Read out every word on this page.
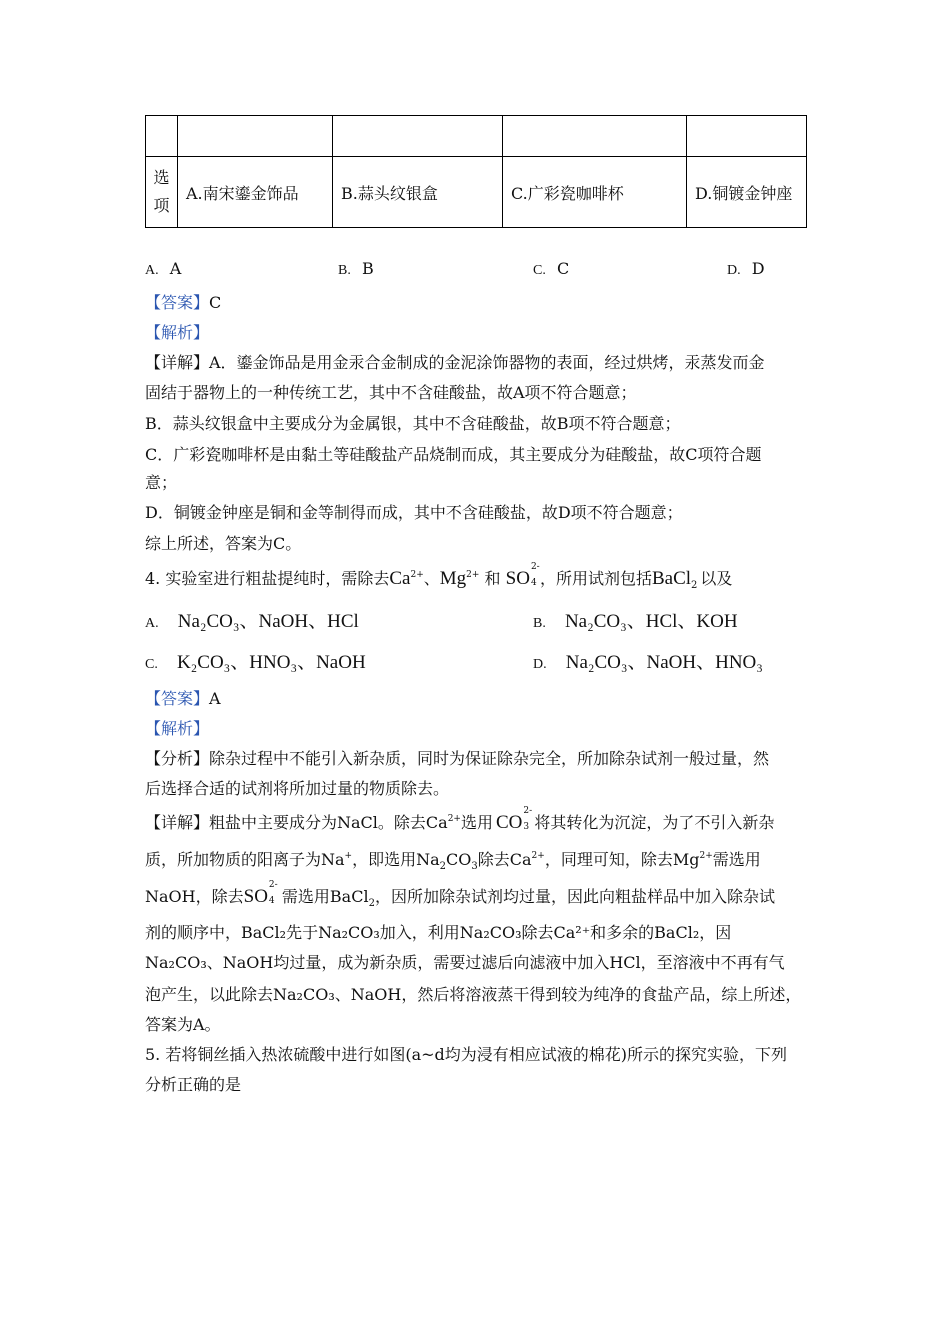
选
项	A.南宋鎏金饰品	B.蒜头纹银盒	C.广彩瓷咖啡杯	D.铜镀金钟座
A. A	B. B	C. C	D. D
【答案】C
【解析】
【详解】A．鎏金饰品是用金汞合金制成的金泥涂饰器物的表面，经过烘烤，汞蒸发而金
固结于器物上的一种传统工艺，其中不含硅酸盐，故A项不符合题意；
B．蒜头纹银盒中主要成分为金属银，其中不含硅酸盐，故B项不符合题意；
C．广彩瓷咖啡杯是由黏土等硅酸盐产品烧制而成，其主要成分为硅酸盐，故C项符合题
意；
D．铜镀金钟座是铜和金等制得而成，其中不含硅酸盐，故D项不符合题意；
综上所述，答案为C。
4. 实验室进行粗盐提纯时，需除去$Ca^{2+}$、$Mg^{2+}$ 和 SO
2-
4 ，所用试剂包括BaCl$_2$ 以及
A. Na₂CO₃、NaOH、HCl	B. Na₂CO₃、HCl、KOH
C. K₂CO₃、HNO₃、NaOH	D. Na₂CO₃、NaOH、HNO₃
【答案】A
【解析】
【分析】除杂过程中不能引入新杂质，同时为保证除杂完全，所加除杂试剂一般过量，然
后选择合适的试剂将所加过量的物质除去。
【详解】粗盐中主要成分为NaCl。除去$Ca^{2+}$选用 CO
2-
3 将其转化为沉淀，为了不引入新杂
质，所加物质的阳离子为Na+，即选用$Na_2CO_3$除去$Ca^{2+}$，同理可知，除去$Mg^{2+}$需选用
NaOH，除去SO
2-
4 需选用BaCl$_2$，因所加除杂试剂均过量，因此向粗盐样品中加入除杂试
剂的顺序中，BaCl₂先于Na₂CO₃加入，利用Na₂CO₃除去Ca²⁺和多余的BaCl₂，因
Na₂CO₃、NaOH均过量，成为新杂质，需要过滤后向滤液中加入HCl，至溶液中不再有气
泡产生，以此除去Na₂CO₃、NaOH，然后将溶液蒸干得到较为纯净的食盐产品，综上所述，
答案为A。
5. 若将铜丝插入热浓硫酸中进行如图(a~d均为浸有相应试液的棉花)所示的探究实验，下列
分析正确的是
